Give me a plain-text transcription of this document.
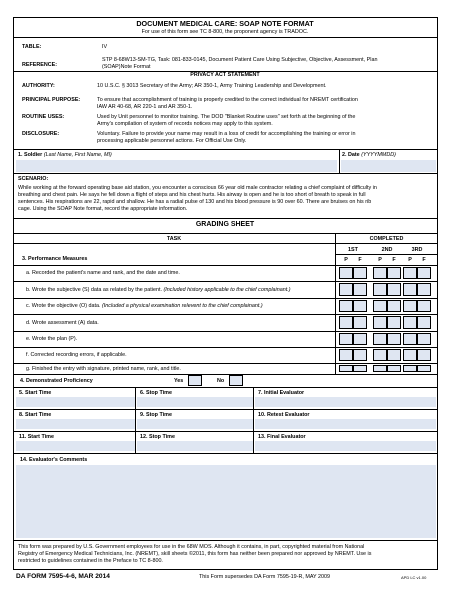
DOCUMENT MEDICAL CARE: SOAP NOTE FORMAT
For use of this form see TC 8-800, the proponent agency is TRADOC.
TABLE:	IV
REFERENCE:
STP 8-68W13-SM-TG, Task: 081-833-0145, Document Patient Care Using Subjective, Objective, Assessment, Plan
(SOAP)Note Format
PRIVACY ACT STATEMENT
AUTHORITY:	10 U.S.C. § 3013 Secretary of the Army; AR 350-1, Army Training Leadership and Development.
PRINCIPAL PURPOSE:	To ensure that accomplishment of training is properly credited to the correct individual for NREMT certification
IAW AR 40-68, AR 220-1 and AR 350-1.
ROUTINE USES:	Used by Unit personnel to monitor training. The DOD "Blanket Routine uses" set forth at the beginning of the
Army's compilation of system of records notices may apply to this system.
DISCLOSURE:	Voluntary. Failure to provide your name may result in a loss of credit for accomplishing the training or error in
processing applicable personnel actions. For Official Use Only.
1. Soldier (Last Name, First Name, MI)	2. Date (YYYYMMDD)
SCENARIO:
While working at the forward operating base aid station, you encounter a conscious 66 year old male contractor relating a chief complaint of difficulty in
breathing and chest pain. He says he fell down a flight of steps and his chest hurts. His airway is open and he is too short of breath to speak in full
sentences. His respirations are 22, rapid and shallow. He has a radial pulse of 130 and his blood pressure is 90 over 60. There are bruises on his rib
cage. Using the SOAP Note format, record the appropriate information.
GRADING SHEET
TASK	COMPLETED
1ST	2ND	3RD
P	F	P	F	P	F
3. Performance Measures
a. Recorded the patient's name and rank, and the date and time.
b. Wrote the subjective (S) data as related by the patient. (Included history applicable to the chief complainant.)
c. Wrote the objective (O) data. (Included a physical examination relevent to the chief complainant.)
d. Wrote assessment (A) data.
e. Wrote the plan (P).
f. Corrected recording errors, if applicable.
g. Finished the entry with signature, printed name, rank, and title.
4. Demonstrated Proficiency	Yes	No
5. Start Time	6. Stop Time	7. Initial Evaluator
8. Start Time	9. Stop Time	10. Retest Evaluator
11. Start Time	12. Stop Time	13. Final Evaluator
14. Evaluator's Comments
This form was prepared by U.S. Government employees for use in the 68W MOS. Although it contains, in part, copyrighted material from National
Registry of Emergency Medical Technicians, Inc. (NREMT), skill sheets ©2011, this form has neither been prepared nor approved by NREMT. Use is
restricted to guidelines contained in the Preface to TC 8-800.
DA FORM 7595-4-6, MAR 2014	This Form supersedes DA Form 7595-19-R, MAY 2009	APD LC v1.00
